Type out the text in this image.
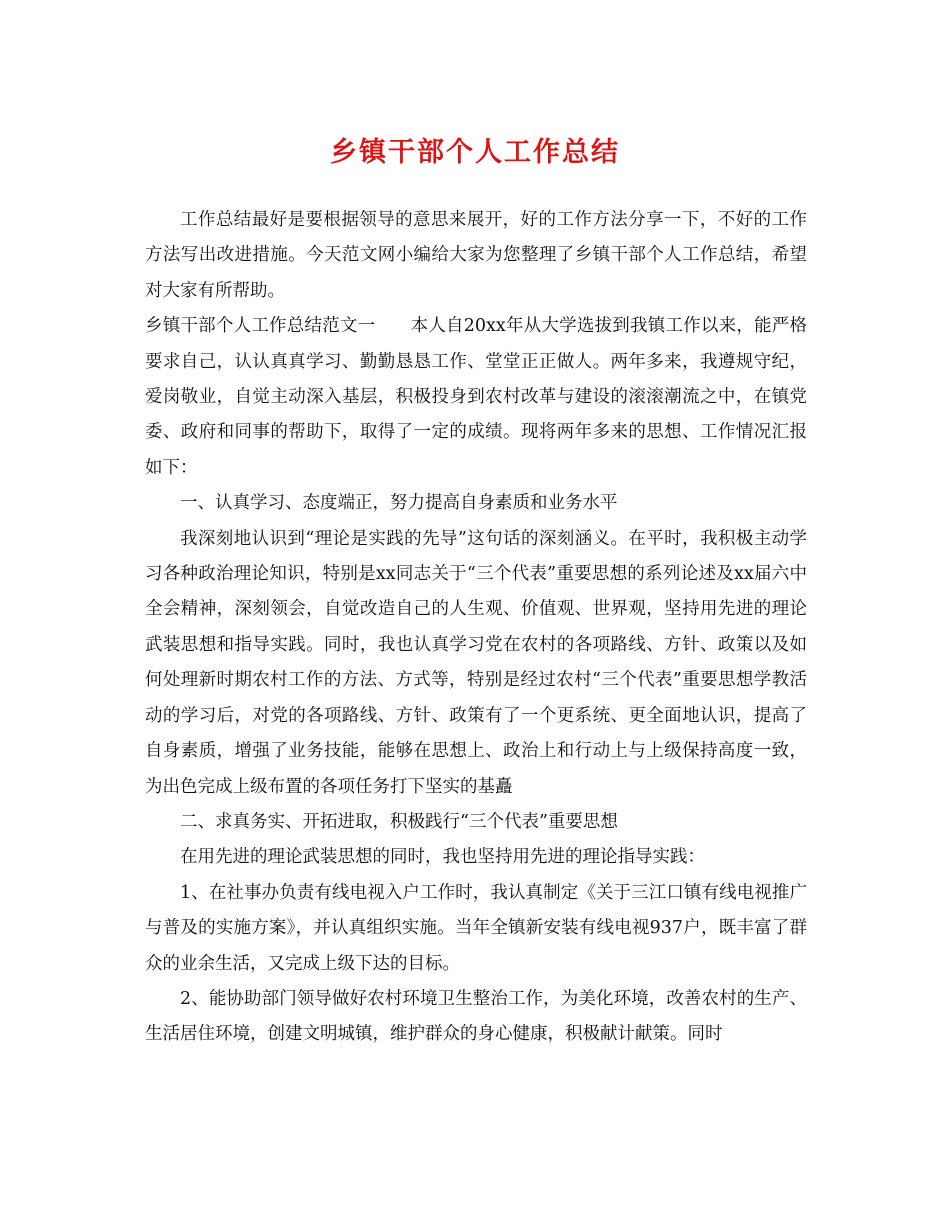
乡镇干部个人工作总结

工作总结最好是要根据领导的意思来展开，好的工作方法分享一下，不好的工作方法写出改进措施。今天范文网小编给大家为您整理了乡镇干部个人工作总结，希望对大家有所帮助。

乡镇干部个人工作总结范文一 本人自20xx年从大学选拔到我镇工作以来，能严格要求自己，认认真真学习、勤勤恳恳工作、堂堂正正做人。两年多来，我遵规守纪，爱岗敬业，自觉主动深入基层，积极投身到农村改革与建设的滚滚潮流之中，在镇党委、政府和同事的帮助下，取得了一定的成绩。现将两年多来的思想、工作情况汇报如下：

一、认真学习、态度端正，努力提高自身素质和业务水平

我深刻地认识到“理论是实践的先导”这句话的深刻涵义。在平时，我积极主动学习各种政治理论知识，特别是xx同志关于“三个代表”重要思想的系列论述及xx届六中全会精神，深刻领会，自觉改造自己的人生观、价值观、世界观，坚持用先进的理论武装思想和指导实践。同时，我也认真学习党在农村的各项路线、方针、政策以及如何处理新时期农村工作的方法、方式等，特别是经过农村“三个代表”重要思想学教活动的学习后，对党的各项路线、方针、政策有了一个更系统、更全面地认识，提高了自身素质，增强了业务技能，能够在思想上、政治上和行动上与上级保持高度一致，为出色完成上级布置的各项任务打下坚实的基矗

二、求真务实、开拓进取，积极践行“三个代表”重要思想

在用先进的理论武装思想的同时，我也坚持用先进的理论指导实践：

1、在社事办负责有线电视入户工作时，我认真制定《关于三江口镇有线电视推广与普及的实施方案》，并认真组织实施。当年全镇新安装有线电视937户，既丰富了群众的业余生活，又完成上级下达的目标。

2、能协助部门领导做好农村环境卫生整治工作，为美化环境，改善农村的生产、生活居住环境，创建文明城镇，维护群众的身心健康，积极献计献策。同时
